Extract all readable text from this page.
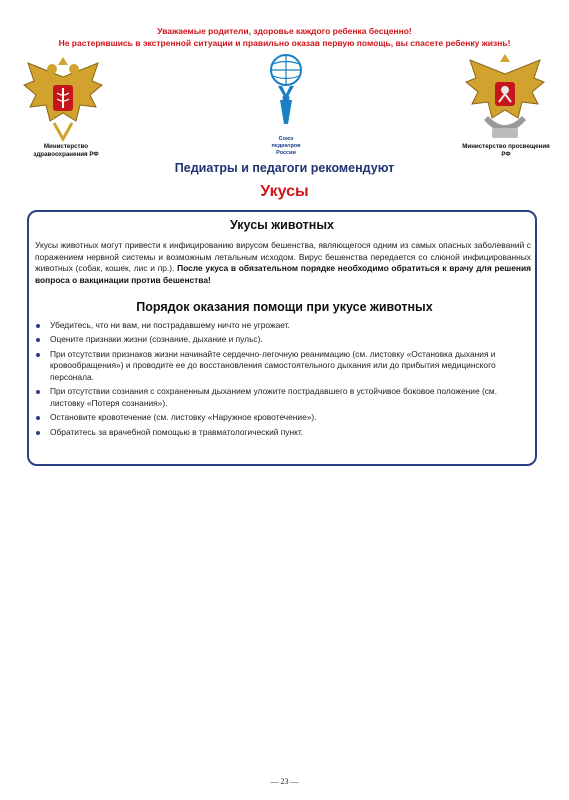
Уважаемые родители, здоровье каждого ребенка бесценно!
Не растерявшись в экстренной ситуации и правильно оказав первую помощь, вы спасете ребенку жизнь!
Министерство здравоохранения РФ
Союз
педиатров
России
Министерство просвещения РФ
Педиатры и педагоги рекомендуют
Укусы
Укусы животных
Укусы животных могут привести к инфицированию вирусом бешенства, являющегося одним из самых опасных заболеваний с поражением нервной системы и возможным летальным исходом. Вирус бешенства передается со слюной инфицированных животных (собак, кошек, лис и пр.). После укуса в обязательном порядке необходимо обратиться к врачу для решения вопроса о вакцинации против бешенства!
Порядок оказания помощи при укусе животных
Убедитесь, что ни вам, ни пострадавшему ничто не угрожает.
Оцените признаки жизни (сознание, дыхание и пульс).
При отсутствии признаков жизни начинайте сердечно-легочную реанимацию (см. листовку «Остановка дыхания и кровообращения») и проводите ее до восстановления самостоятельного дыхания или до прибытия медицинского персонала.
При отсутствии сознания с сохраненным дыханием уложите пострадавшего в устойчивое боковое положение (см. листовку «Потеря сознания»).
Остановите кровотечение (см. листовку «Наружное кровотечение»).
Обратитесь за врачебной помощью в травматологический пункт.
— 23 —
